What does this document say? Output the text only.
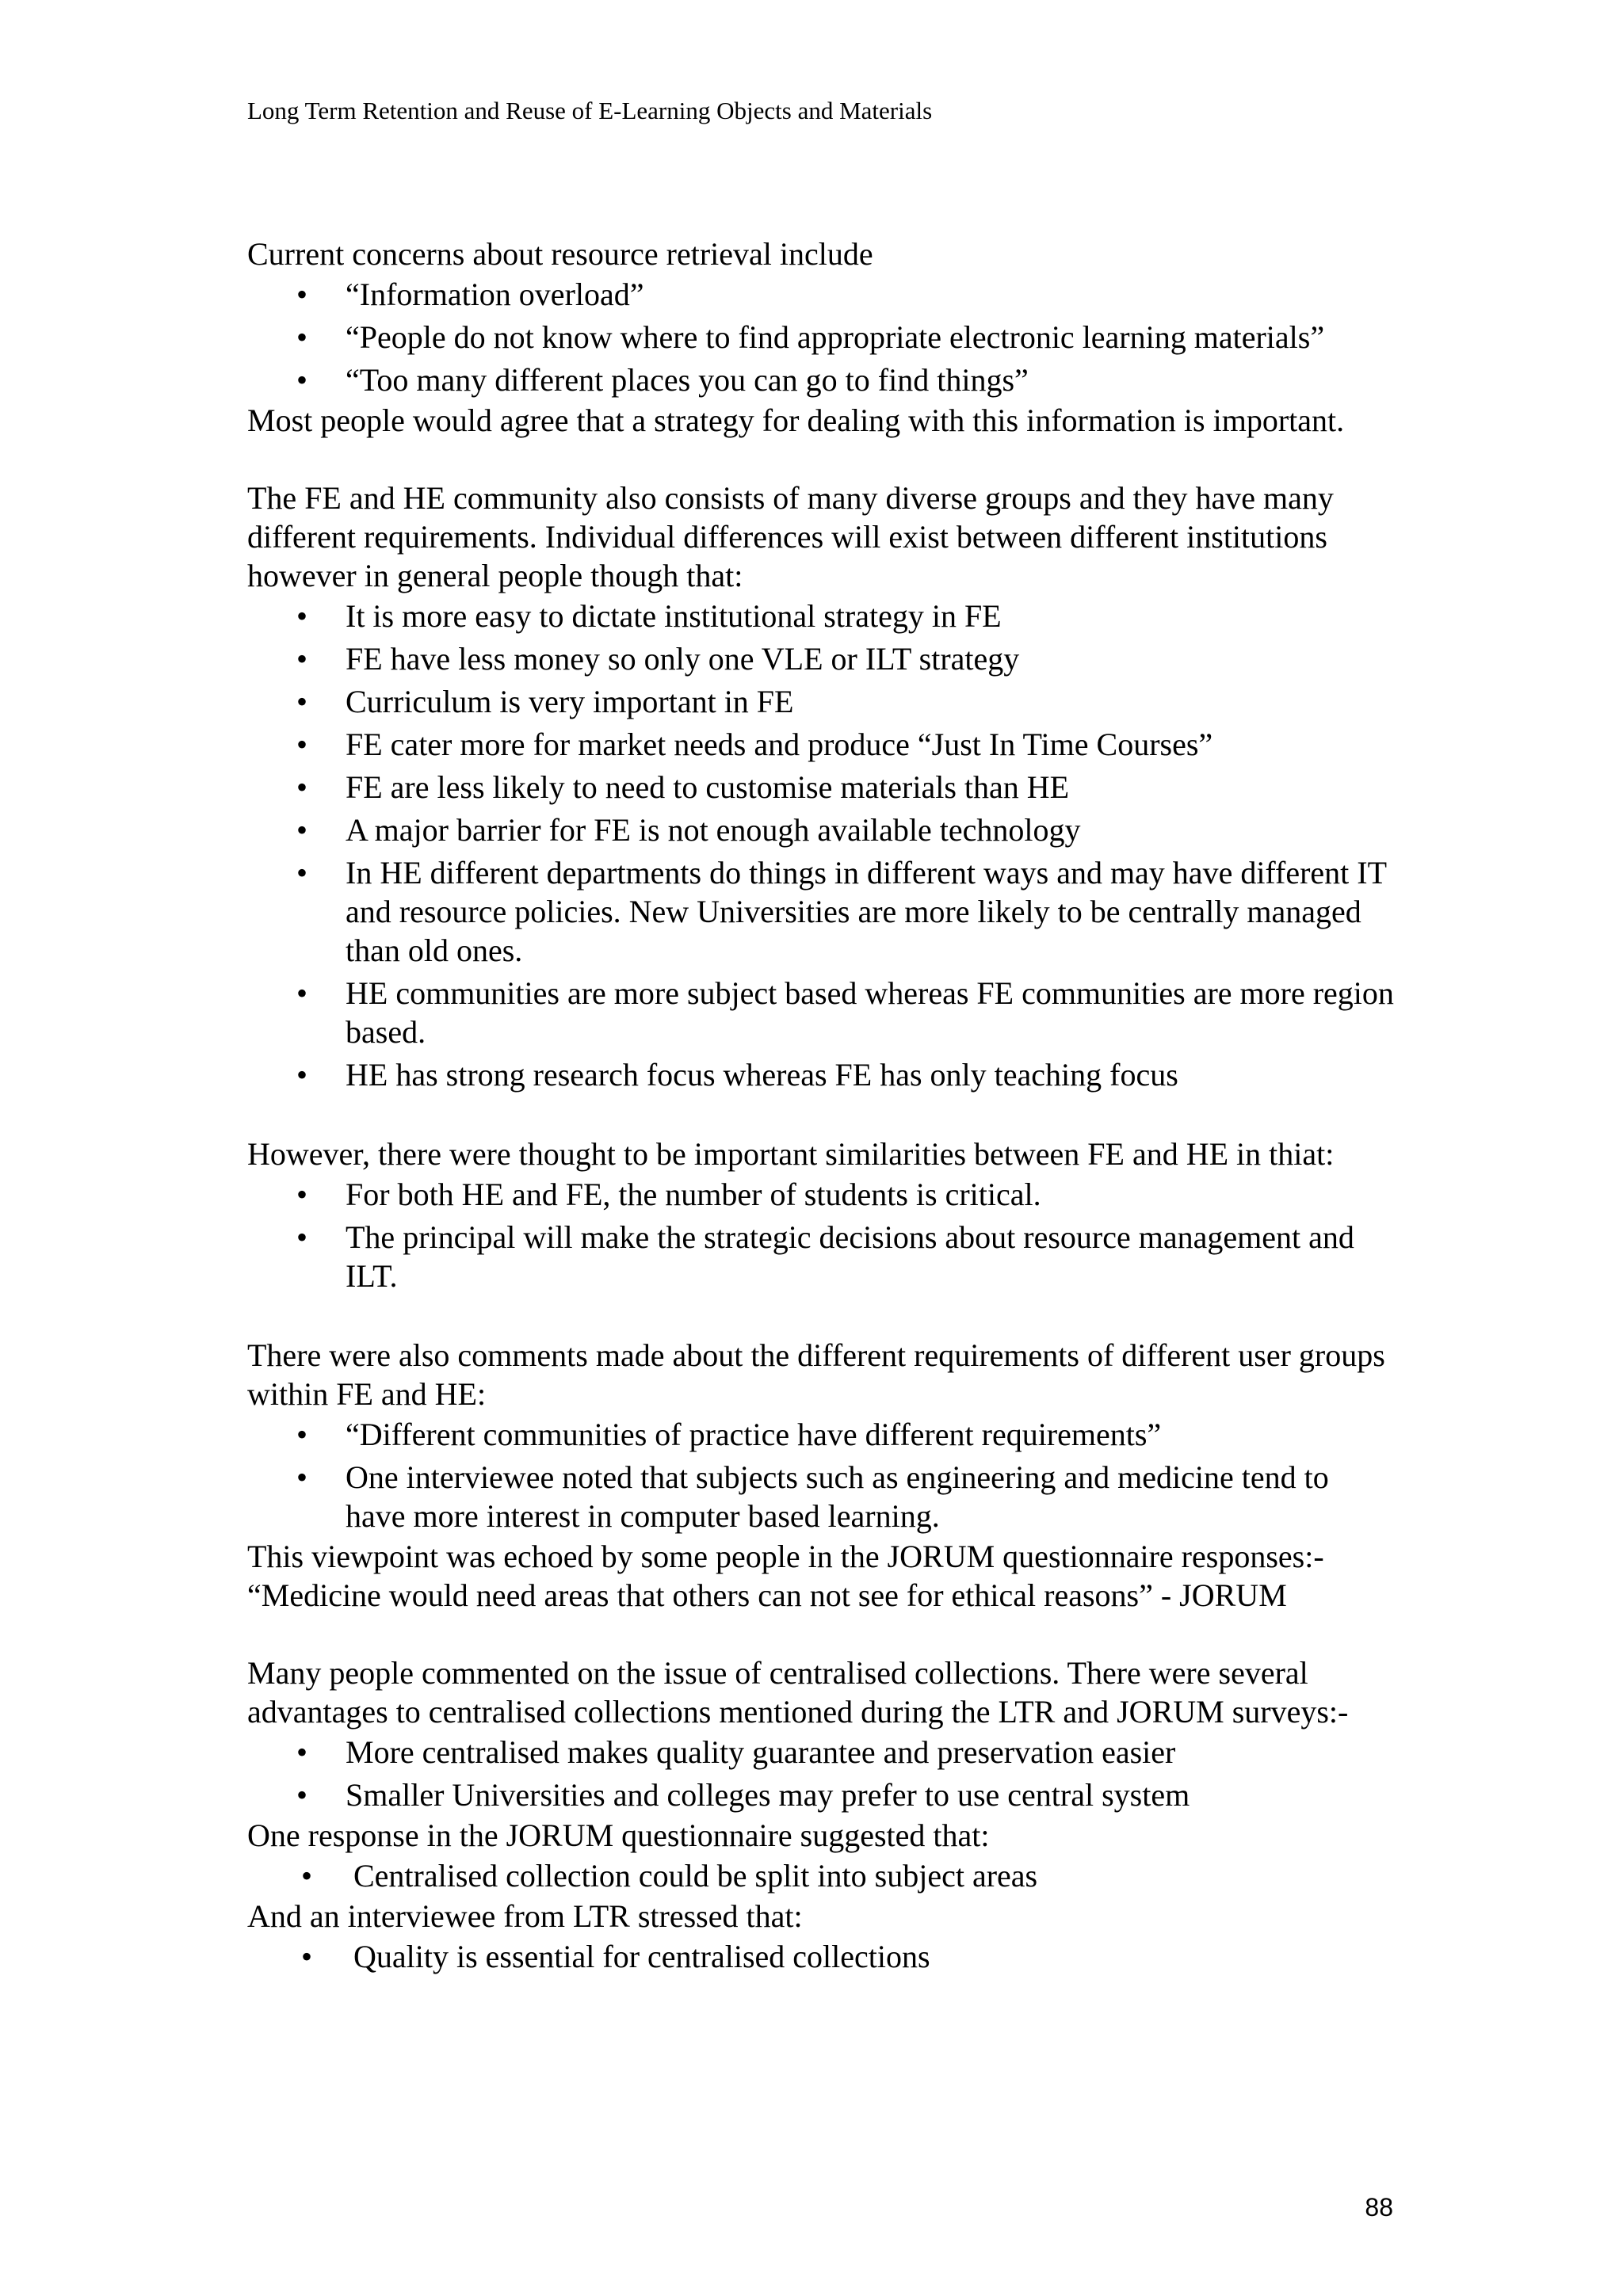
Long Term Retention and Reuse of E-Learning Objects and Materials

Current concerns about resource retrieval include

• “Information overload”
• “People do not know where to find appropriate electronic learning materials”
• “Too many different places you can go to find things”

Most people would agree that a strategy for dealing with this information is important.

The FE and HE community also consists of many diverse groups and they have many different requirements. Individual differences will exist between different institutions however in general people though that:

• It is more easy to dictate institutional strategy in FE
• FE have less money so only one VLE or ILT strategy
• Curriculum is very important in FE
• FE cater more for market needs and produce “Just In Time Courses”
• FE are less likely to need to customise materials than HE
• A major barrier for FE is not enough available technology
• In HE different departments do things in different ways and may have different IT and resource policies. New Universities are more likely to be centrally managed than old ones.
• HE communities are more subject based whereas FE communities are more region based.
• HE has strong research focus whereas FE has only teaching focus

However, there were thought to be important similarities between FE and HE in thiat:

• For both HE and FE, the number of students is critical.
• The principal will make the strategic decisions about resource management and ILT.

There were also comments made about the different requirements of different user groups within FE and HE:

• “Different communities of practice have different requirements”
• One interviewee noted that subjects such as engineering and medicine tend to have more interest in computer based learning.

This viewpoint was echoed by some people in the JORUM questionnaire responses:-

“Medicine would need areas that others can not see for ethical reasons” - JORUM

Many people commented on the issue of centralised collections. There were several advantages to centralised collections mentioned during the LTR and JORUM surveys:-

• More centralised makes quality guarantee and preservation easier
• Smaller Universities and colleges may prefer to use central system

One response in the JORUM questionnaire suggested that:

• Centralised collection could be split into subject areas

And an interviewee from LTR stressed that:

• Quality is essential for centralised collections
88
